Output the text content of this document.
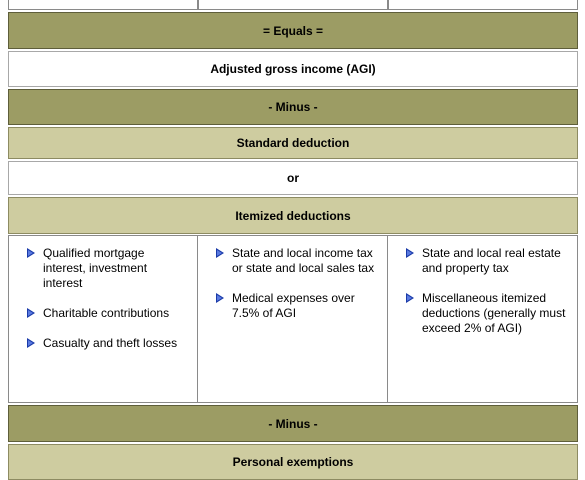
= Equals =
Adjusted gross income (AGI)
- Minus -
Standard deduction
or
Itemized deductions
Qualified mortgage interest, investment interest
Charitable contributions
Casualty and theft losses
State and local income tax or state and local sales tax
Medical expenses over 7.5% of AGI
State and local real estate and property tax
Miscellaneous itemized deductions (generally must exceed 2% of AGI)
- Minus -
Personal exemptions
